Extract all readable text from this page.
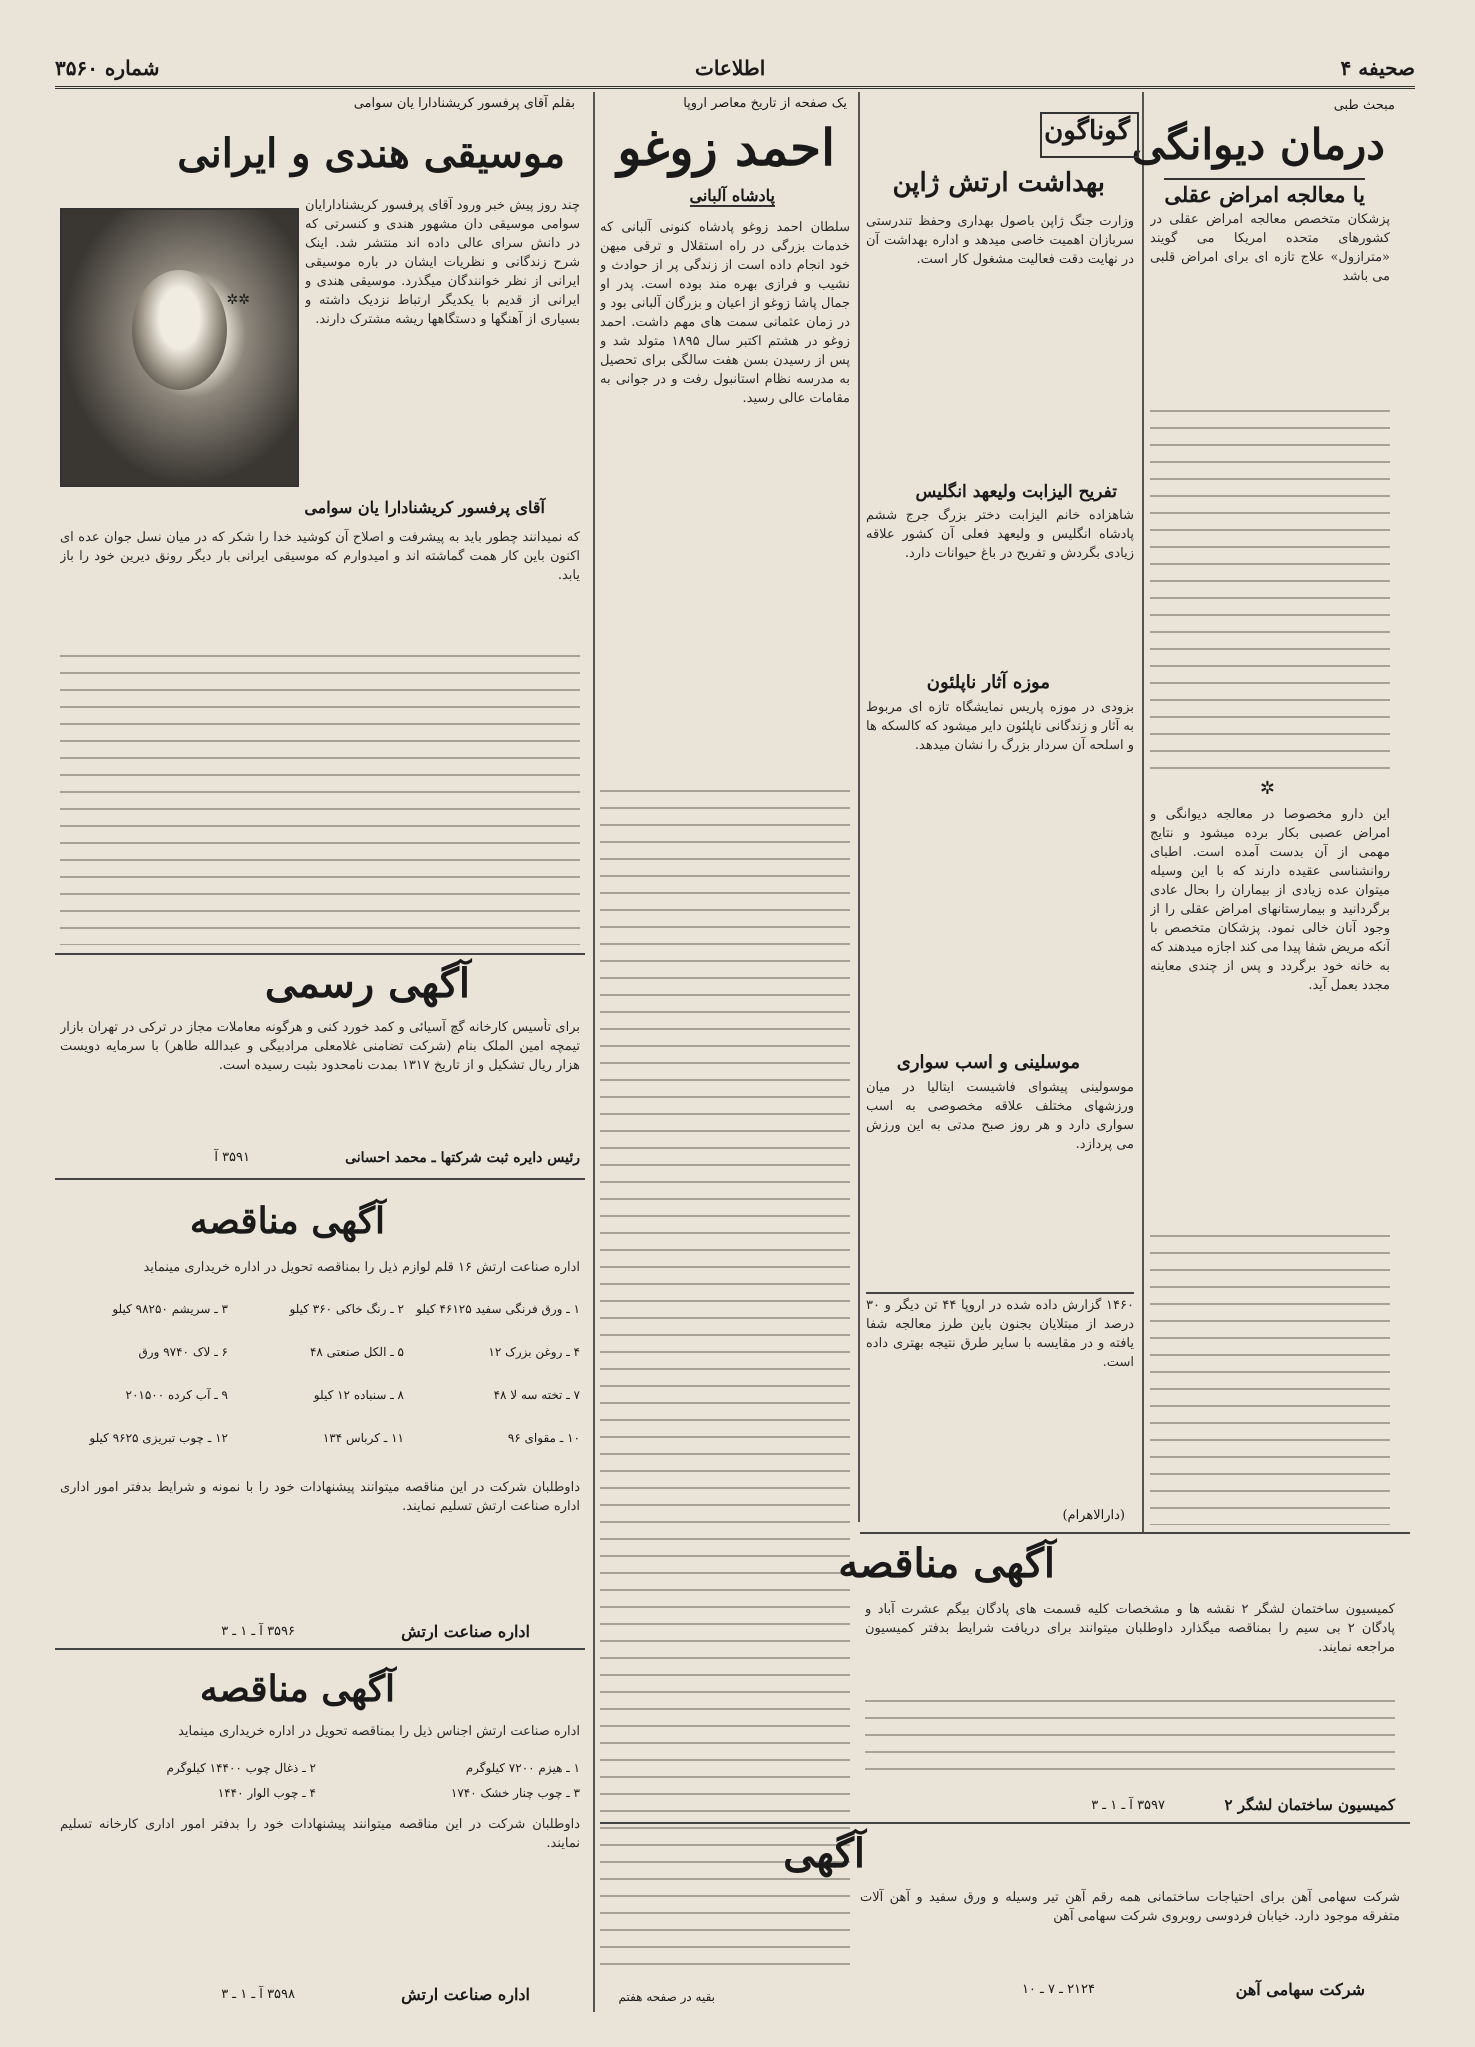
صحیفه ۴
اطلاعات
شماره ۳۵۶۰
مبحث طبی
درمان دیوانگی
یا معالجه امراض عقلی
پزشکان متخصص معالجه امراض عقلی در کشورهای متحده امریکا می گویند «مترازول» علاج تازه ای برای امراض قلبی می باشد
✲
این دارو مخصوصا در معالجه دیوانگی و امراض عصبی بکار برده میشود و نتایج مهمی از آن بدست آمده است. اطبای روانشناسی عقیده دارند که با این وسیله میتوان عده زیادی از بیماران را بحال عادی برگردانید و بیمارستانهای امراض عقلی را از وجود آنان خالی نمود. پزشکان متخصص با آنکه مریض شفا پیدا می کند اجازه میدهند که به خانه خود برگردد و پس از چندی معاینه مجدد بعمل آید.
گوناگون
بهداشت ارتش ژاپن
وزارت جنگ ژاپن باصول بهداری وحفظ تندرستی سربازان اهمیت خاصی میدهد و اداره بهداشت آن در نهایت دقت فعالیت مشغول کار است.
تفریح الیزابت ولیعهد انگلیس
شاهزاده خانم الیزابت دختر بزرگ جرج ششم پادشاه انگلیس و ولیعهد فعلی آن کشور علاقه زیادی بگردش و تفریح در باغ حیوانات دارد.
موزه آثار ناپلئون
بزودی در موزه پاریس نمایشگاه تازه ای مربوط به آثار و زندگانی ناپلئون دایر میشود که کالسکه ها و اسلحه آن سردار بزرگ را نشان میدهد.
موسلینی و اسب سواری
موسولینی پیشوای فاشیست ایتالیا در میان ورزشهای مختلف علاقه مخصوصی به اسب سواری دارد و هر روز صبح مدتی به این ورزش می پردازد.
۱۴۶۰ گزارش داده شده در اروپا ۴۴ تن دیگر و ۳۰ درصد از مبتلایان بجنون باین طرز معالجه شفا یافته و در مقایسه با سایر طرق نتیجه بهتری داده است.
(دارالاهرام)
یک صفحه از تاریخ معاصر اروپا
احمد زوغو
پادشاه آلبانی
سلطان احمد زوغو پادشاه کنونی آلبانی که خدمات بزرگی در راه استقلال و ترقی میهن خود انجام داده است از زندگی پر از حوادث و نشیب و فرازی بهره مند بوده است. پدر او جمال پاشا زوغو از اعیان و بزرگان آلبانی بود و در زمان عثمانی سمت های مهم داشت. احمد زوغو در هشتم اکتبر سال ۱۸۹۵ متولد شد و پس از رسیدن بسن هفت سالگی برای تحصیل به مدرسه نظام استانبول رفت و در جوانی به مقامات عالی رسید.
بقیه در صفحه هفتم
بقلم آقای پرفسور کریشنادارا یان سوامی
موسیقی هندی و ایرانی
چند روز پیش خبر ورود آقای پرفسور کریشنادارایان سوامی موسیقی دان مشهور هندی و کنسرتی که در دانش سرای عالی داده اند منتشر شد. اینک شرح زندگانی و نظریات ایشان در باره موسیقی ایرانی از نظر خوانندگان میگذرد. موسیقی هندی و ایرانی از قدیم با یکدیگر ارتباط نزدیک داشته و بسیاری از آهنگها و دستگاهها ریشه مشترک دارند.
✲✲
آقای پرفسور کریشنادارا یان سوامی
که نمیدانند چطور باید به پیشرفت و اصلاح آن کوشید خدا را شکر که در میان نسل جوان عده ای اکنون باین کار همت گماشته اند و امیدوارم که موسیقی ایرانی بار دیگر رونق دیرین خود را باز یابد.
آگهی رسمی
برای تأسیس کارخانه گچ آسیائی و کمد خورد کنی و هرگونه معاملات مجاز در ترکی در تهران بازار تیمچه امین الملک بنام (شرکت تضامنی غلامعلی مرادبیگی و عبدالله طاهر) با سرمایه دویست هزار ریال تشکیل و از تاریخ ۱۳۱۷ بمدت نامحدود بثبت رسیده است.
رئیس دایره ثبت شرکتها ـ محمد احسانی
۳۵۹۱ آ
آگهی مناقصه
اداره صناعت ارتش ۱۶ قلم لوازم ذیل را بمناقصه تحویل در اداره خریداری مینماید
۱ ـ ورق فرنگی سفید ۴۶۱۲۵ کیلو
۲ ـ رنگ خاکی ۳۶۰ کیلو
۳ ـ سریشم ۹۸۲۵۰ کیلو
۴ ـ روغن بزرک ۱۲
۵ ـ الکل صنعتی ۴۸
۶ ـ لاک ۹۷۴۰ ورق
۷ ـ تخته سه لا ۴۸
۸ ـ سنباده ۱۲ کیلو
۹ ـ آب کرده ۲۰۱۵۰۰
۱۰ ـ مقوای ۹۶
۱۱ ـ کرباس ۱۳۴
۱۲ ـ چوب تبریزی ۹۶۲۵ کیلو
داوطلبان شرکت در این مناقصه میتوانند پیشنهادات خود را با نمونه و شرایط بدفتر امور اداری اداره صناعت ارتش تسلیم نمایند.
اداره صناعت ارتش
۳۵۹۶ آ ـ ۱ ـ ۳
آگهی مناقصه
اداره صناعت ارتش اجناس ذیل را بمناقصه تحویل در اداره خریداری مینماید
۱ ـ هیزم ۷۲۰۰ کیلوگرم
۲ ـ ذغال چوب ۱۴۴۰۰ کیلوگرم
۳ ـ چوب چنار خشک ۱۷۴۰
۴ ـ چوب الوار ۱۴۴۰
داوطلبان شرکت در این مناقصه میتوانند پیشنهادات خود را بدفتر امور اداری کارخانه تسلیم نمایند.
اداره صناعت ارتش
۳۵۹۸ آ ـ ۱ ـ ۳
آگهی مناقصه
کمیسیون ساختمان لشگر ۲ نقشه ها و مشخصات کلیه قسمت های پادگان بیگم عشرت آباد و پادگان ۲ بی سیم را بمناقصه میگذارد داوطلبان میتوانند برای دریافت شرایط بدفتر کمیسیون مراجعه نمایند.
کمیسیون ساختمان لشگر ۲
۳۵۹۷ آ ـ ۱ ـ ۳
آگهی
شرکت سهامی آهن برای احتیاجات ساختمانی همه رقم آهن تیر وسیله و ورق سفید و آهن آلات متفرقه موجود دارد. خیابان فردوسی روبروی شرکت سهامی آهن
شرکت سهامی آهن
۲۱۲۴ ـ ۷ ـ ۱۰
